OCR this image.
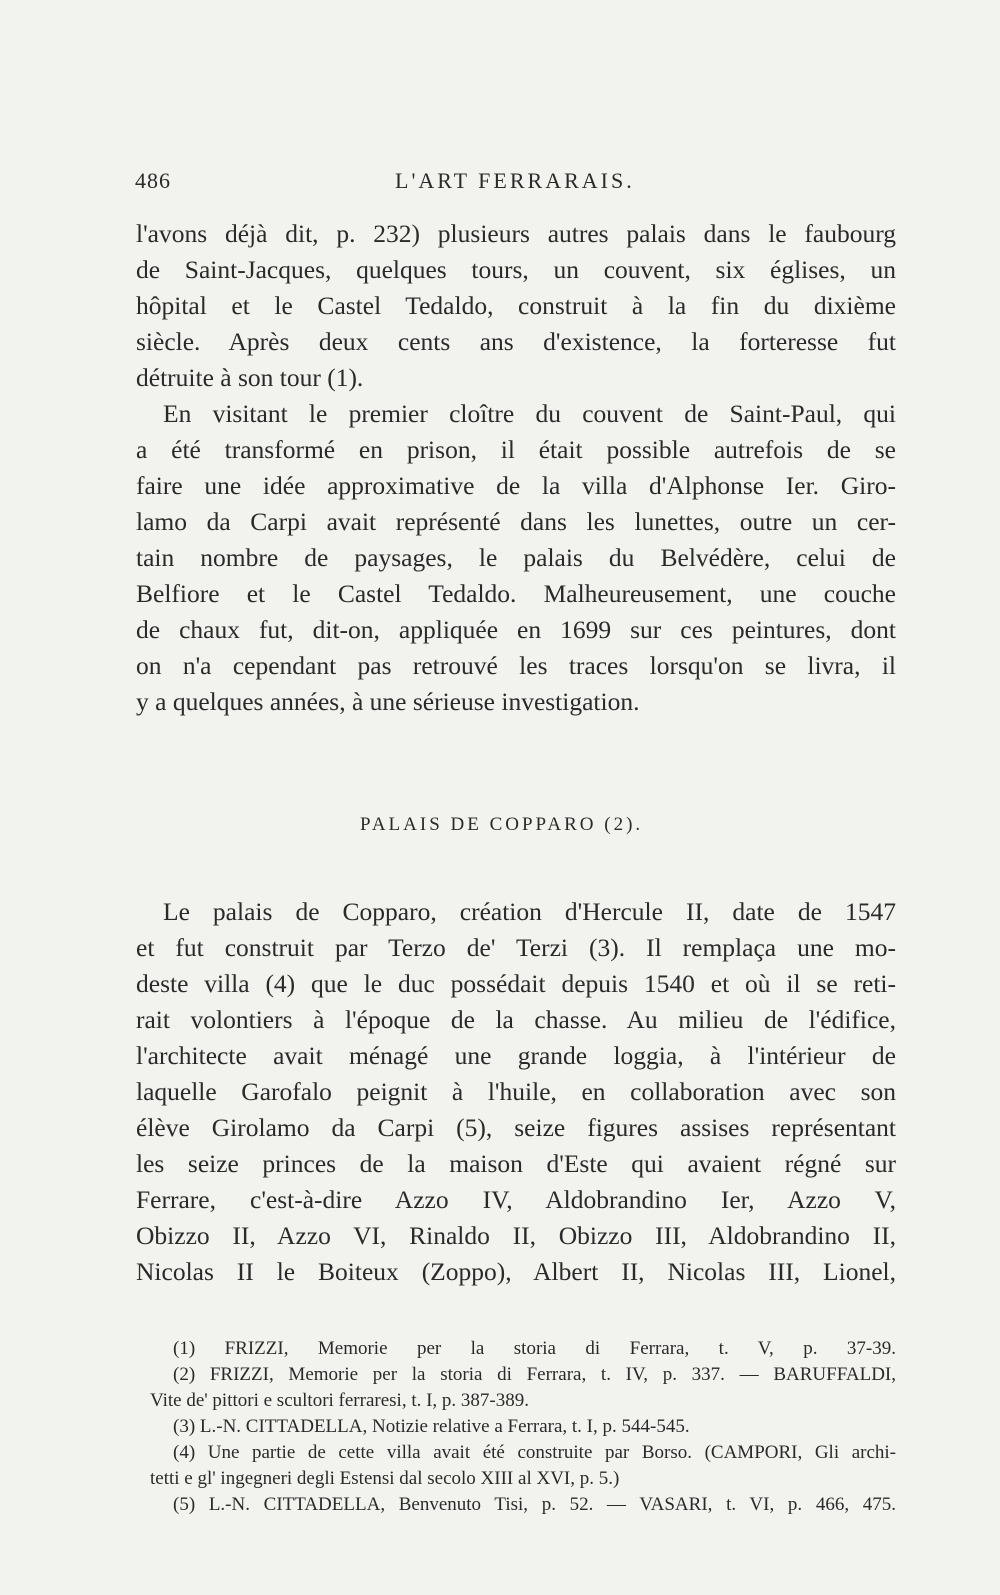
486	L'ART FERRARAIS.
l'avons déjà dit, p. 232) plusieurs autres palais dans le faubourg
de Saint-Jacques, quelques tours, un couvent, six églises, un
hôpital et le Castel Tedaldo, construit à la fin du dixième
siècle. Après deux cents ans d'existence, la forteresse fut
détruite à son tour (1).
En visitant le premier cloître du couvent de Saint-Paul, qui
a été transformé en prison, il était possible autrefois de se
faire une idée approximative de la villa d'Alphonse Ier. Giro-
lamo da Carpi avait représenté dans les lunettes, outre un cer-
tain nombre de paysages, le palais du Belvédère, celui de
Belfiore et le Castel Tedaldo. Malheureusement, une couche
de chaux fut, dit-on, appliquée en 1699 sur ces peintures, dont
on n'a cependant pas retrouvé les traces lorsqu'on se livra, il
y a quelques années, à une sérieuse investigation.
PALAIS DE COPPARO (2).
Le palais de Copparo, création d'Hercule II, date de 1547
et fut construit par Terzo de' Terzi (3). Il remplaça une mo-
deste villa (4) que le duc possédait depuis 1540 et où il se reti-
rait volontiers à l'époque de la chasse. Au milieu de l'édifice,
l'architecte avait ménagé une grande loggia, à l'intérieur de
laquelle Garofalo peignit à l'huile, en collaboration avec son
élève Girolamo da Carpi (5), seize figures assises représentant
les seize princes de la maison d'Este qui avaient régné sur
Ferrare, c'est-à-dire Azzo IV, Aldobrandino Ier, Azzo V,
Obizzo II, Azzo VI, Rinaldo II, Obizzo III, Aldobrandino II,
Nicolas II le Boiteux (Zoppo), Albert II, Nicolas III, Lionel,
(1) FRIZZI, Memorie per la storia di Ferrara, t. V, p. 37-39.
(2) FRIZZI, Memorie per la storia di Ferrara, t. IV, p. 337. — BARUFFALDI,
Vite de' pittori e scultori ferraresi, t. I, p. 387-389.
(3) L.-N. CITTADELLA, Notizie relative a Ferrara, t. I, p. 544-545.
(4) Une partie de cette villa avait été construite par Borso. (CAMPORI, Gli archi-
tetti e gl' ingegneri degli Estensi dal secolo XIII al XVI, p. 5.)
(5) L.-N. CITTADELLA, Benvenuto Tisi, p. 52. — VASARI, t. VI, p. 466, 475.
